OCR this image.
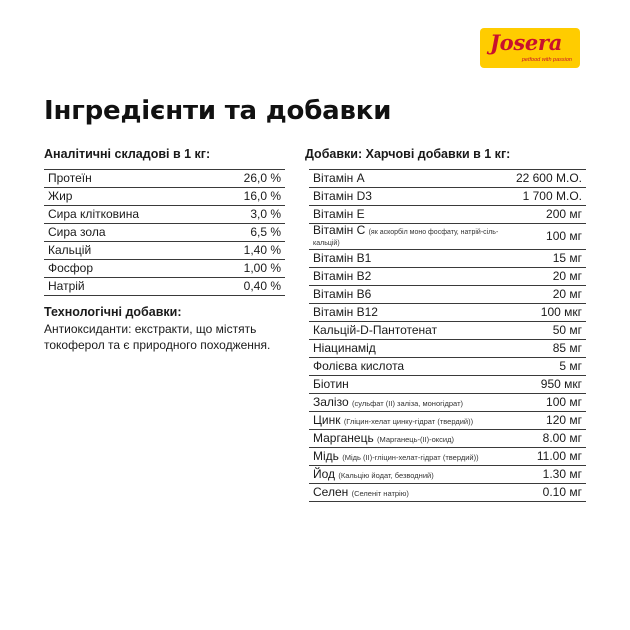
Josera
petfood with passion
Інгредієнти та добавки
Аналітичні складові в 1 кг:
Протеїн	26,0 %
Жир	16,0 %
Сира клітковина	3,0 %
Сира зола	6,5 %
Кальцій	1,40 %
Фосфор	1,00 %
Натрій	0,40 %
Технологічні добавки:

Антиоксиданти: екстракти, що містять токоферол та є природного походження.

Добавки: Харчові добавки в 1 кг:
Вітамін А	22 600 М.О.
Вітамін D3	1 700 М.О.
Вітамін Е	200 мг
Вітамін С (як аскорбіл моно фосфату, натрій-сіль-кальцій)	100 мг
Вітамін В1	15 мг
Вітамін В2	20 мг
Вітамін В6	20 мг
Вітамін В12	100 мкг
Кальцій-D-Пантотенат	50 мг
Ніацинамід	85 мг
Фолієва кислота	5 мг
Біотин	950 мкг
Залізо (сульфат (II) заліза, моногідрат)	100 мг
Цинк (Гліцин-хелат цинку-гідрат (твердий))	120 мг
Марганець (Марганець-(II)-оксид)	8.00 мг
Мідь (Мідь (II)-гліцин-хелат-гідрат (твердий))	11.00 мг
Йод (Кальцію йодат, безводний)	1.30 мг
Селен (Селеніт натрію)	0.10 мг
